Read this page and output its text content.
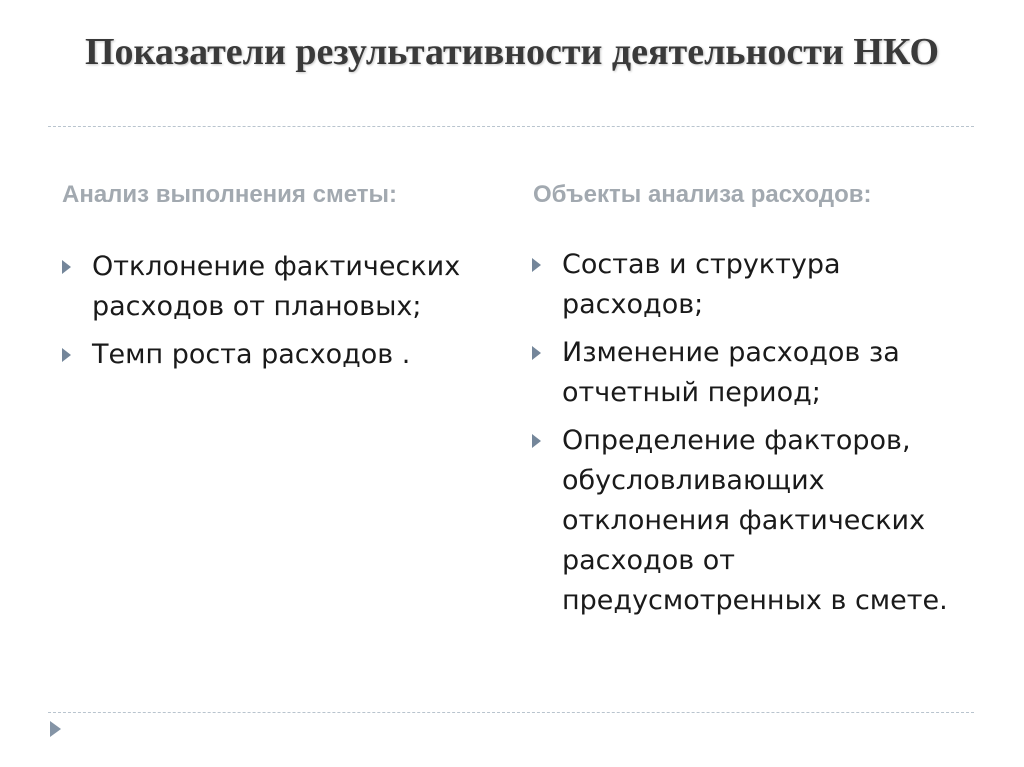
Показатели результативности деятельности НКО
Анализ выполнения сметы:	Объекты анализа расходов:
Отклонение фактических расходов от плановых;
Темп роста расходов .
Состав и структура расходов;
Изменение расходов за отчетный период;
Определение факторов, обусловливающих отклонения фактических расходов от предусмотренных в смете.
